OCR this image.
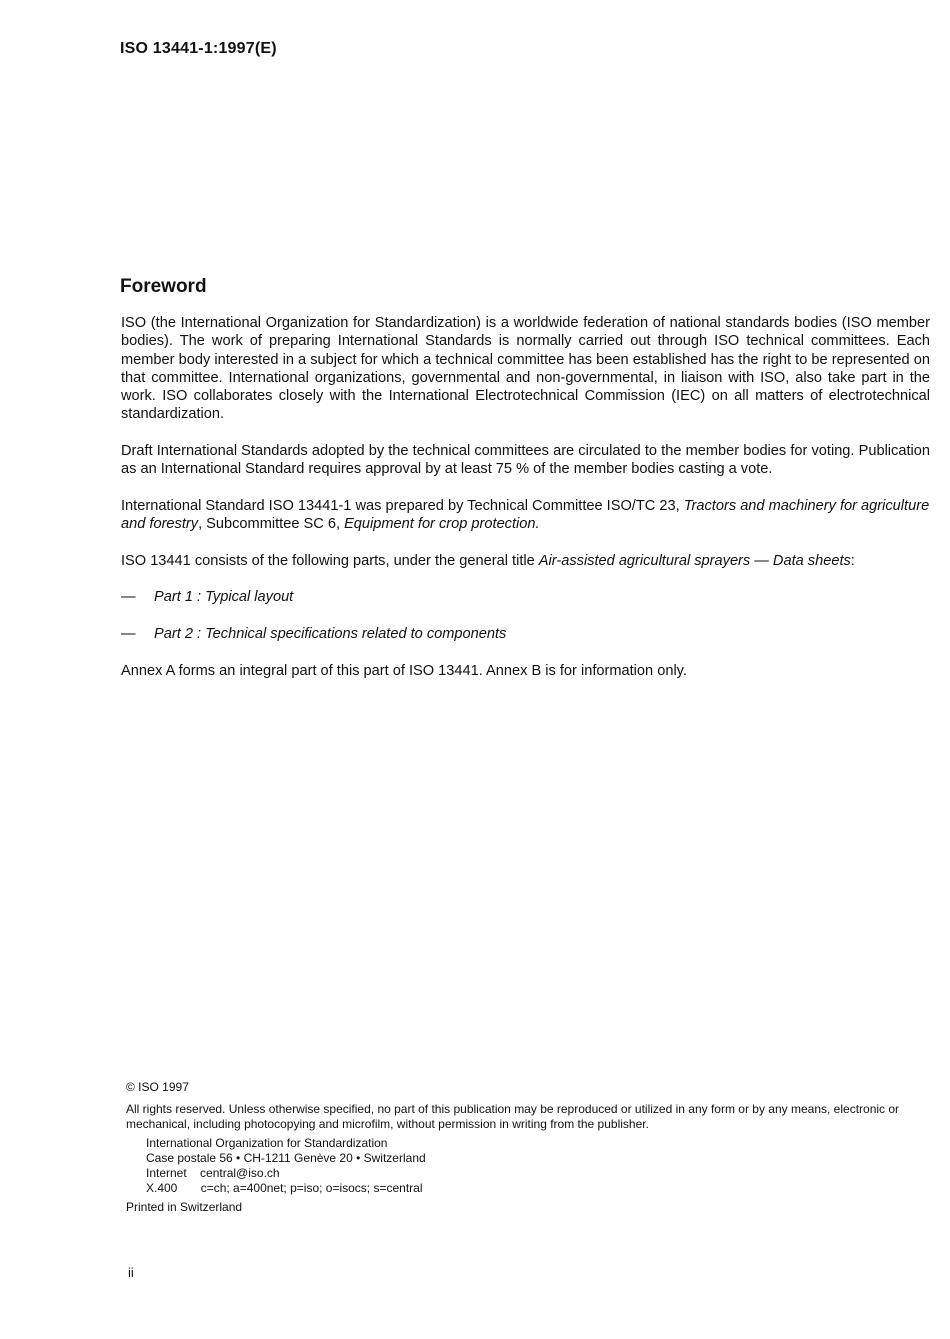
ISO 13441-1:1997(E)
Foreword

ISO (the International Organization for Standardization) is a worldwide federation of national standards bodies (ISO member bodies). The work of preparing International Standards is normally carried out through ISO technical committees. Each member body interested in a subject for which a technical committee has been established has the right to be represented on that committee. International organizations, governmental and non-governmental, in liaison with ISO, also take part in the work. ISO collaborates closely with the International Electrotechnical Commission (IEC) on all matters of electrotechnical standardization.

Draft International Standards adopted by the technical committees are circulated to the member bodies for voting. Publication as an International Standard requires approval by at least 75 % of the member bodies casting a vote.

International Standard ISO 13441-1 was prepared by Technical Committee ISO/TC 23, Tractors and machinery for agriculture and forestry, Subcommittee SC 6, Equipment for crop protection.

ISO 13441 consists of the following parts, under the general title Air-assisted agricultural sprayers — Data sheets:

—	Part 1 : Typical layout
—	Part 2 : Technical specifications related to components

Annex A forms an integral part of this part of ISO 13441. Annex B is for information only.

© ISO 1997
All rights reserved. Unless otherwise specified, no part of this publication may be reproduced or utilized in any form or by any means, electronic or mechanical, including photocopying and microfilm, without permission in writing from the publisher.
International Organization for Standardization
Case postale 56 • CH-1211 Genève 20 • Switzerland
Internet    central@iso.ch
X.400       c=ch; a=400net; p=iso; o=isocs; s=central
Printed in Switzerland
ii
